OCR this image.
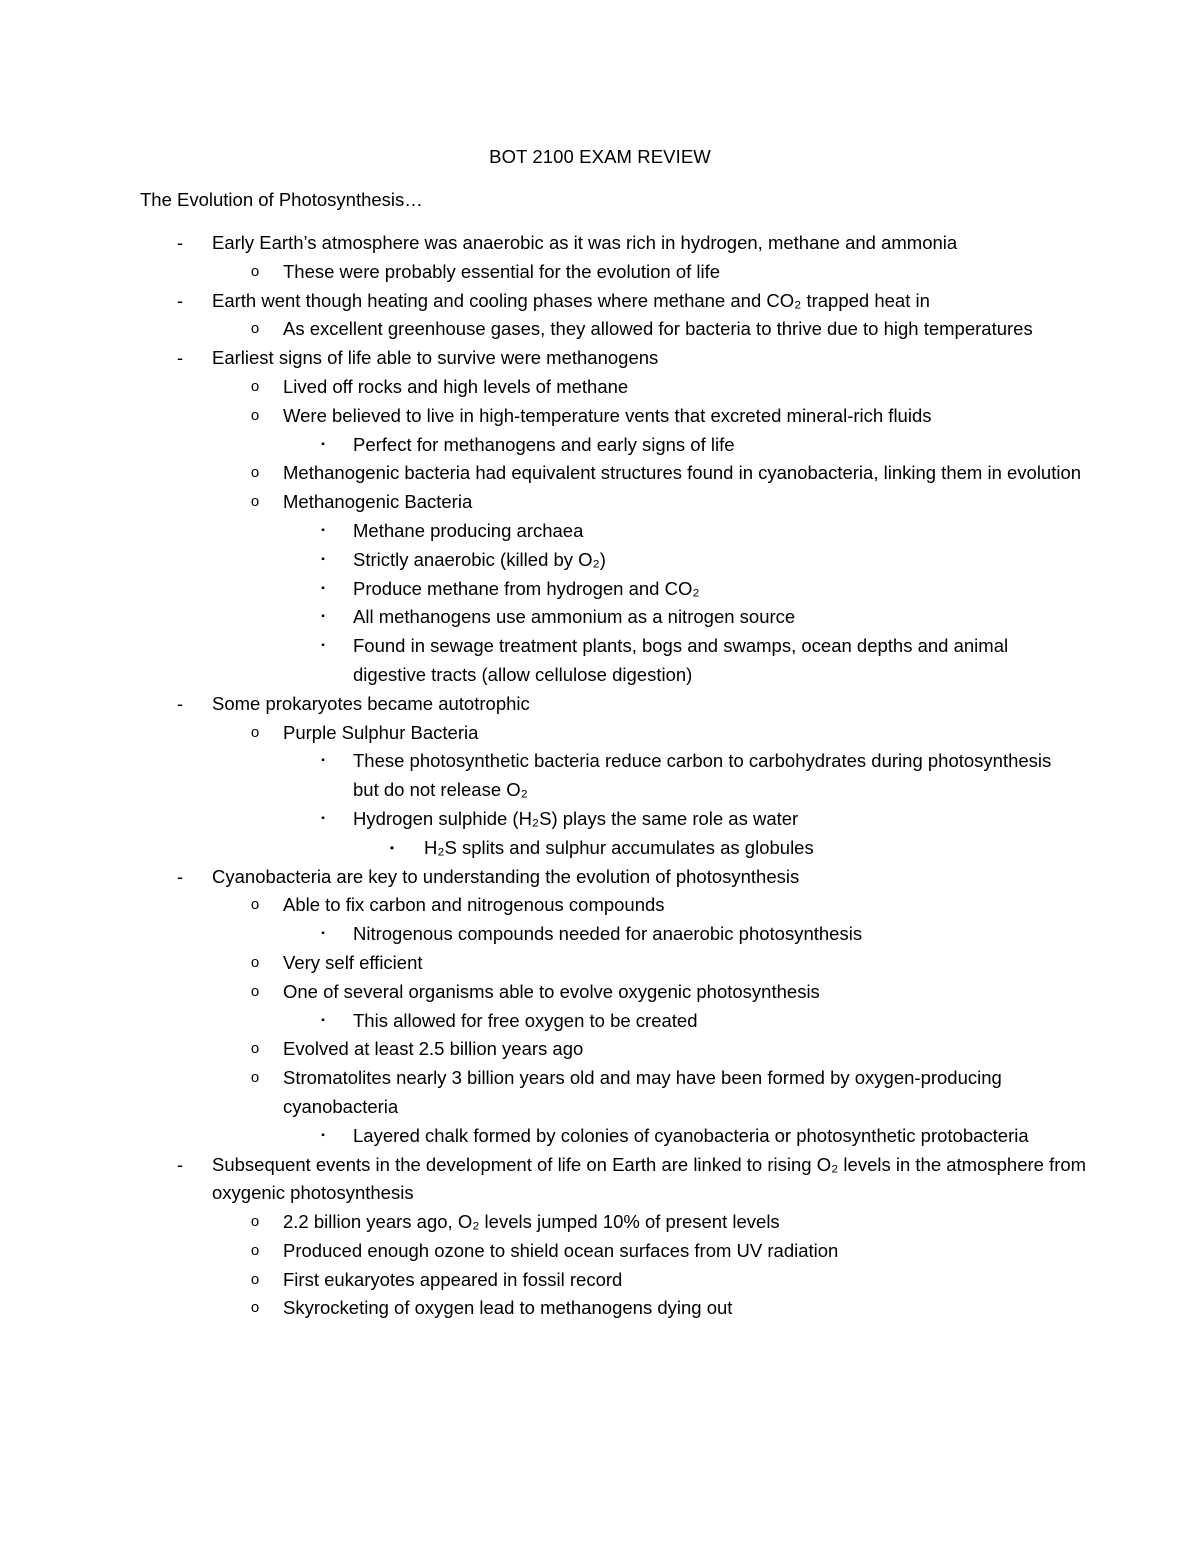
BOT 2100 EXAM REVIEW
The Evolution of Photosynthesis…
-	Early Earth’s atmosphere was anaerobic as it was rich in hydrogen, methane and ammonia
o	These were probably essential for the evolution of life
-	Earth went though heating and cooling phases where methane and CO₂ trapped heat in
o	As excellent greenhouse gases, they allowed for bacteria to thrive due to high temperatures
-	Earliest signs of life able to survive were methanogens
o	Lived off rocks and high levels of methane
o	Were believed to live in high-temperature vents that excreted mineral-rich fluids
▪	Perfect for methanogens and early signs of life
o	Methanogenic bacteria had equivalent structures found in cyanobacteria, linking them in evolution
o	Methanogenic Bacteria
▪	Methane producing archaea
▪	Strictly anaerobic (killed by O₂)
▪	Produce methane from hydrogen and CO₂
▪	All methanogens use ammonium as a nitrogen source
▪	Found in sewage treatment plants, bogs and swamps, ocean depths and animal digestive tracts (allow cellulose digestion)
-	Some prokaryotes became autotrophic
o	Purple Sulphur Bacteria
▪	These photosynthetic bacteria reduce carbon to carbohydrates during photosynthesis but do not release O₂
▪	Hydrogen sulphide (H₂S) plays the same role as water
•	H₂S splits and sulphur accumulates as globules
-	Cyanobacteria are key to understanding the evolution of photosynthesis
o	Able to fix carbon and nitrogenous compounds
▪	Nitrogenous compounds needed for anaerobic photosynthesis
o	Very self efficient
o	One of several organisms able to evolve oxygenic photosynthesis
▪	This allowed for free oxygen to be created
o	Evolved at least 2.5 billion years ago
o	Stromatolites nearly 3 billion years old and may have been formed by oxygen-producing cyanobacteria
▪	Layered chalk formed by colonies of cyanobacteria or photosynthetic protobacteria
-	Subsequent events in the development of life on Earth are linked to rising O₂ levels in the atmosphere from oxygenic photosynthesis
o	2.2 billion years ago, O₂ levels jumped 10% of present levels
o	Produced enough ozone to shield ocean surfaces from UV radiation
o	First eukaryotes appeared in fossil record
o	Skyrocketing of oxygen lead to methanogens dying out
